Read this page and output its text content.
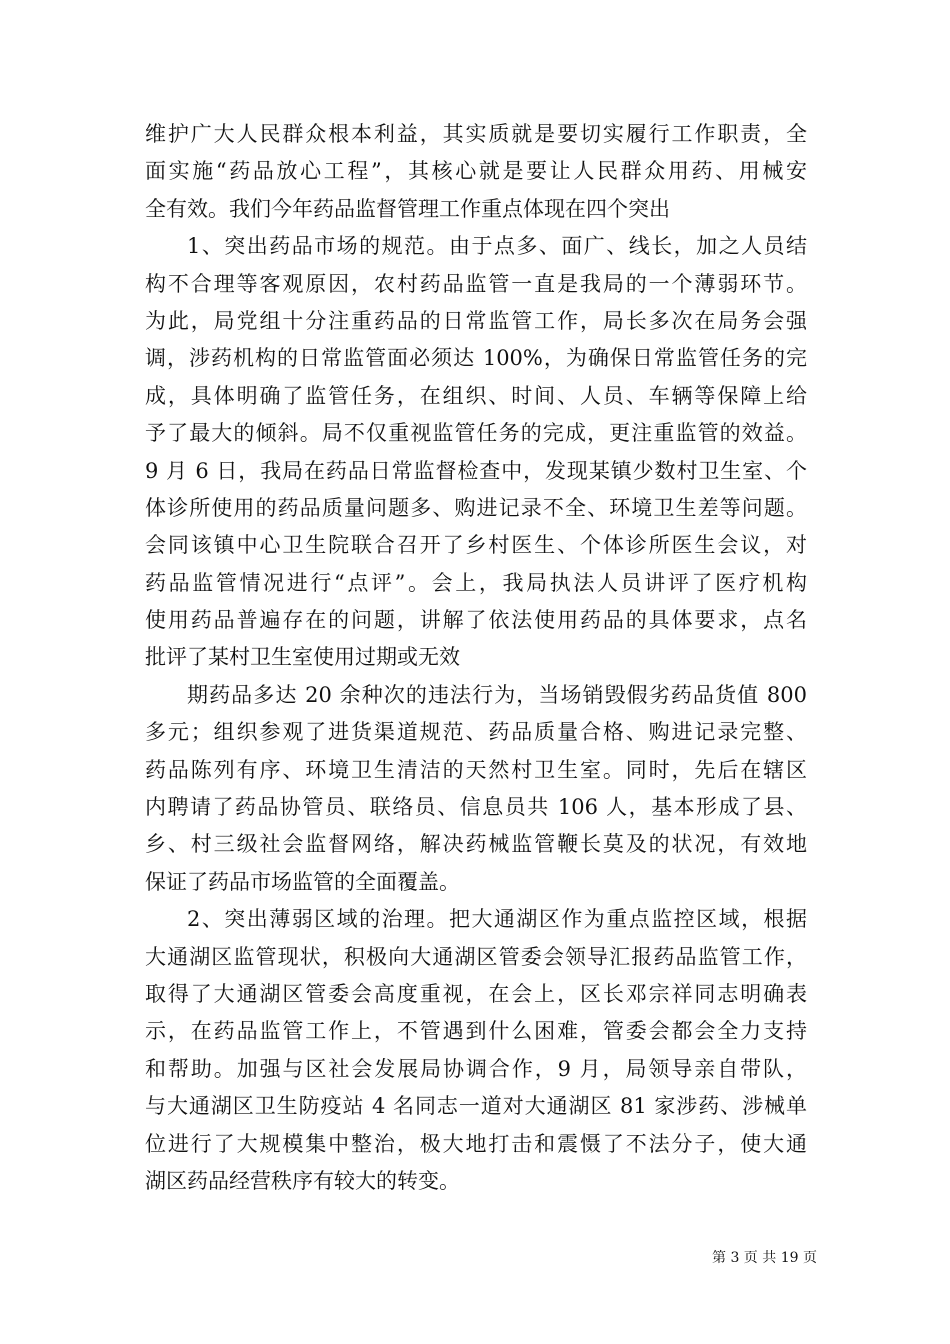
维护广大人民群众根本利益，其实质就是要切实履行工作职责，全
面实施“药品放心工程”，其核心就是要让人民群众用药、用械安
全有效。我们今年药品监督管理工作重点体现在四个突出
1、突出药品市场的规范。由于点多、面广、线长，加之人员结
构不合理等客观原因，农村药品监管一直是我局的一个薄弱环节。
为此，局党组十分注重药品的日常监管工作，局长多次在局务会强
调，涉药机构的日常监管面必须达 100%，为确保日常监管任务的完
成，具体明确了监管任务，在组织、时间、人员、车辆等保障上给
予了最大的倾斜。局不仅重视监管任务的完成，更注重监管的效益。
9 月 6 日，我局在药品日常监督检查中，发现某镇少数村卫生室、个
体诊所使用的药品质量问题多、购进记录不全、环境卫生差等问题。
会同该镇中心卫生院联合召开了乡村医生、个体诊所医生会议，对
药品监管情况进行“点评”。会上，我局执法人员讲评了医疗机构
使用药品普遍存在的问题，讲解了依法使用药品的具体要求，点名
批评了某村卫生室使用过期或无效
期药品多达 20 余种次的违法行为，当场销毁假劣药品货值 800
多元；组织参观了进货渠道规范、药品质量合格、购进记录完整、
药品陈列有序、环境卫生清洁的天然村卫生室。同时，先后在辖区
内聘请了药品协管员、联络员、信息员共 106 人，基本形成了县、
乡、村三级社会监督网络，解决药械监管鞭长莫及的状况，有效地
保证了药品市场监管的全面覆盖。
2、突出薄弱区域的治理。把大通湖区作为重点监控区域，根据
大通湖区监管现状，积极向大通湖区管委会领导汇报药品监管工作，
取得了大通湖区管委会高度重视，在会上，区长邓宗祥同志明确表
示，在药品监管工作上，不管遇到什么困难，管委会都会全力支持
和帮助。加强与区社会发展局协调合作，9 月，局领导亲自带队，
与大通湖区卫生防疫站 4 名同志一道对大通湖区 81 家涉药、涉械单
位进行了大规模集中整治，极大地打击和震慑了不法分子，使大通
湖区药品经营秩序有较大的转变。
第 3 页 共 19 页
